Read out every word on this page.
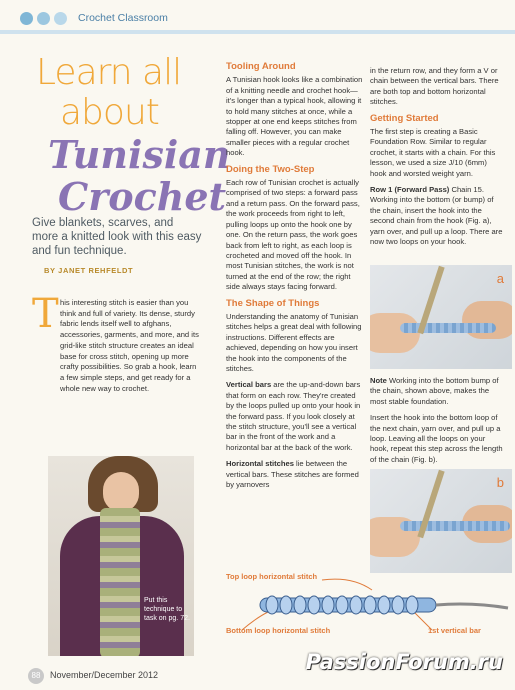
Crochet Classroom
Learn all
about
Tunisian
Crochet
Give blankets, scarves, and more a knitted look with this easy and fun technique.
BY JANET REHFELDT
T his interesting stitch is easier than you think and full of variety. Its dense, sturdy fabric lends itself well to afghans, accessories, garments, and more, and its grid-like stitch structure creates an ideal base for cross stitch, opening up more crafty possibilities. So grab a hook, learn a few simple steps, and get ready for a whole new way to crochet.
Put this technique to task on pg. 72.
Tooling Around
A Tunisian hook looks like a combination of a knitting needle and crochet hook—it's longer than a typical hook, allowing it to hold many stitches at once, while a stopper at one end keeps stitches from falling off. However, you can make smaller pieces with a regular crochet hook.
Doing the Two-Step
Each row of Tunisian crochet is actually comprised of two steps: a forward pass and a return pass. On the forward pass, the work proceeds from right to left, pulling loops up onto the hook one by one. On the return pass, the work goes back from left to right, as each loop is crocheted and moved off the hook. In most Tunisian stitches, the work is not turned at the end of the row; the right side always stays facing forward.
The Shape of Things
Understanding the anatomy of Tunisian stitches helps a great deal with following instructions. Different effects are achieved, depending on how you insert the hook into the components of the stitches.
Vertical bars are the up-and-down bars that form on each row. They're created by the loops pulled up onto your hook in the forward pass. If you look closely at the stitch structure, you'll see a vertical bar in the front of the work and a horizontal bar at the back of the work.
Horizontal stitches lie between the vertical bars. These stitches are formed by yarnovers
in the return row, and they form a V or chain between the vertical bars. There are both top and bottom horizontal stitches.
Getting Started
The first step is creating a Basic Foundation Row. Similar to regular crochet, it starts with a chain. For this lesson, we used a size J/10 (6mm) hook and worsted weight yarn.
Row 1 (Forward Pass) Chain 15. Working into the bottom (or bump) of the chain, insert the hook into the second chain from the hook (Fig. a), yarn over, and pull up a loop. There are now two loops on your hook.
a
Note Working into the bottom bump of the chain, shown above, makes the most stable foundation.
Insert the hook into the bottom loop of the next chain, yarn over, and pull up a loop. Leaving all the loops on your hook, repeat this step across the length of the chain (Fig. b).
b
Top loop horizontal stitch
Bottom loop horizontal stitch	1st vertical bar
88	November/December 2012
PassionForum.ru
